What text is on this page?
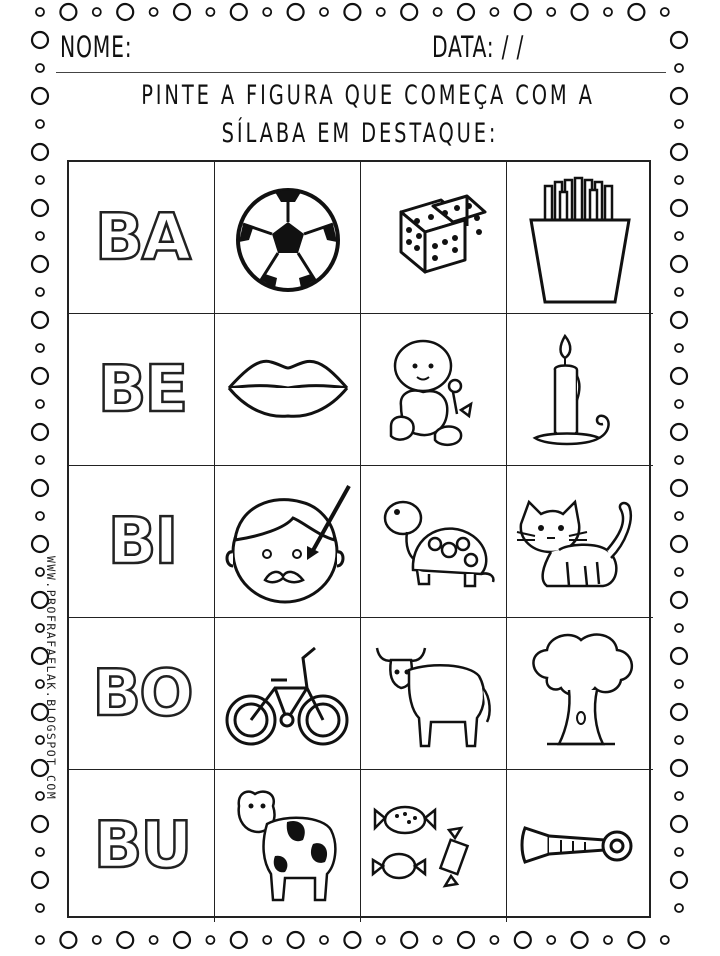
NOME:	DATA: / /
PINTE A FIGURA QUE COMEÇA COM A
SÍLABA EM DESTAQUE:
BA
BE
BI
BO
BU
WWW.PROFRAFAELAK.BLOGSPOT.COM
